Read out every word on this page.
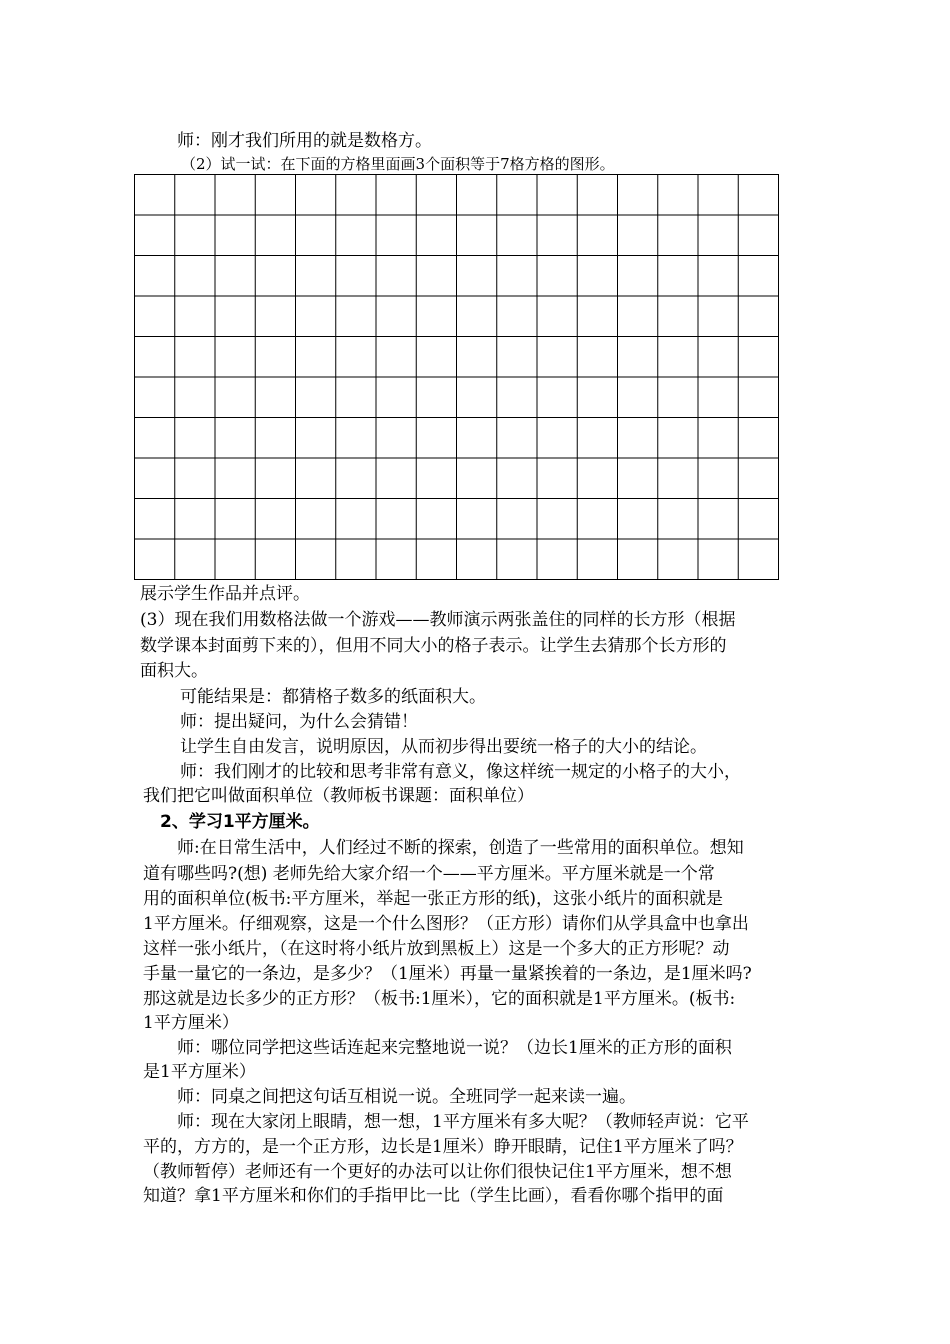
师：刚才我们所用的就是数格方。
（2）试一试：在下面的方格里面画3个面积等于7格方格的图形。
展示学生作品并点评。
(3）现在我们用数格法做一个游戏——教师演示两张盖住的同样的长方形（根据
数学课本封面剪下来的），但用不同大小的格子表示。让学生去猜那个长方形的
面积大。
可能结果是：都猜格子数多的纸面积大。
师：提出疑问，为什么会猜错！
让学生自由发言，说明原因，从而初步得出要统一格子的大小的结论。
师：我们刚才的比较和思考非常有意义，像这样统一规定的小格子的大小，
我们把它叫做面积单位（教师板书课题：面积单位）
2、学习1平方厘米。
师:在日常生活中，人们经过不断的探索，创造了一些常用的面积单位。想知
道有哪些吗?(想) 老师先给大家介绍一个——平方厘米。平方厘米就是一个常
用的面积单位(板书:平方厘米，举起一张正方形的纸)，这张小纸片的面积就是
1平方厘米。仔细观察，这是一个什么图形？（正方形）请你们从学具盒中也拿出
这样一张小纸片，（在这时将小纸片放到黑板上）这是一个多大的正方形呢？动
手量一量它的一条边，是多少？（1厘米）再量一量紧挨着的一条边，是1厘米吗?
那这就是边长多少的正方形？（板书:1厘米），它的面积就是1平方厘米。(板书:
1平方厘米）
师：哪位同学把这些话连起来完整地说一说？（边长1厘米的正方形的面积
是1平方厘米）
师：同桌之间把这句话互相说一说。全班同学一起来读一遍。
师：现在大家闭上眼睛，想一想，1平方厘米有多大呢？（教师轻声说：它平
平的，方方的，是一个正方形，边长是1厘米）睁开眼睛，记住1平方厘米了吗？
（教师暂停）老师还有一个更好的办法可以让你们很快记住1平方厘米，想不想
知道？拿1平方厘米和你们的手指甲比一比（学生比画），看看你哪个指甲的面
